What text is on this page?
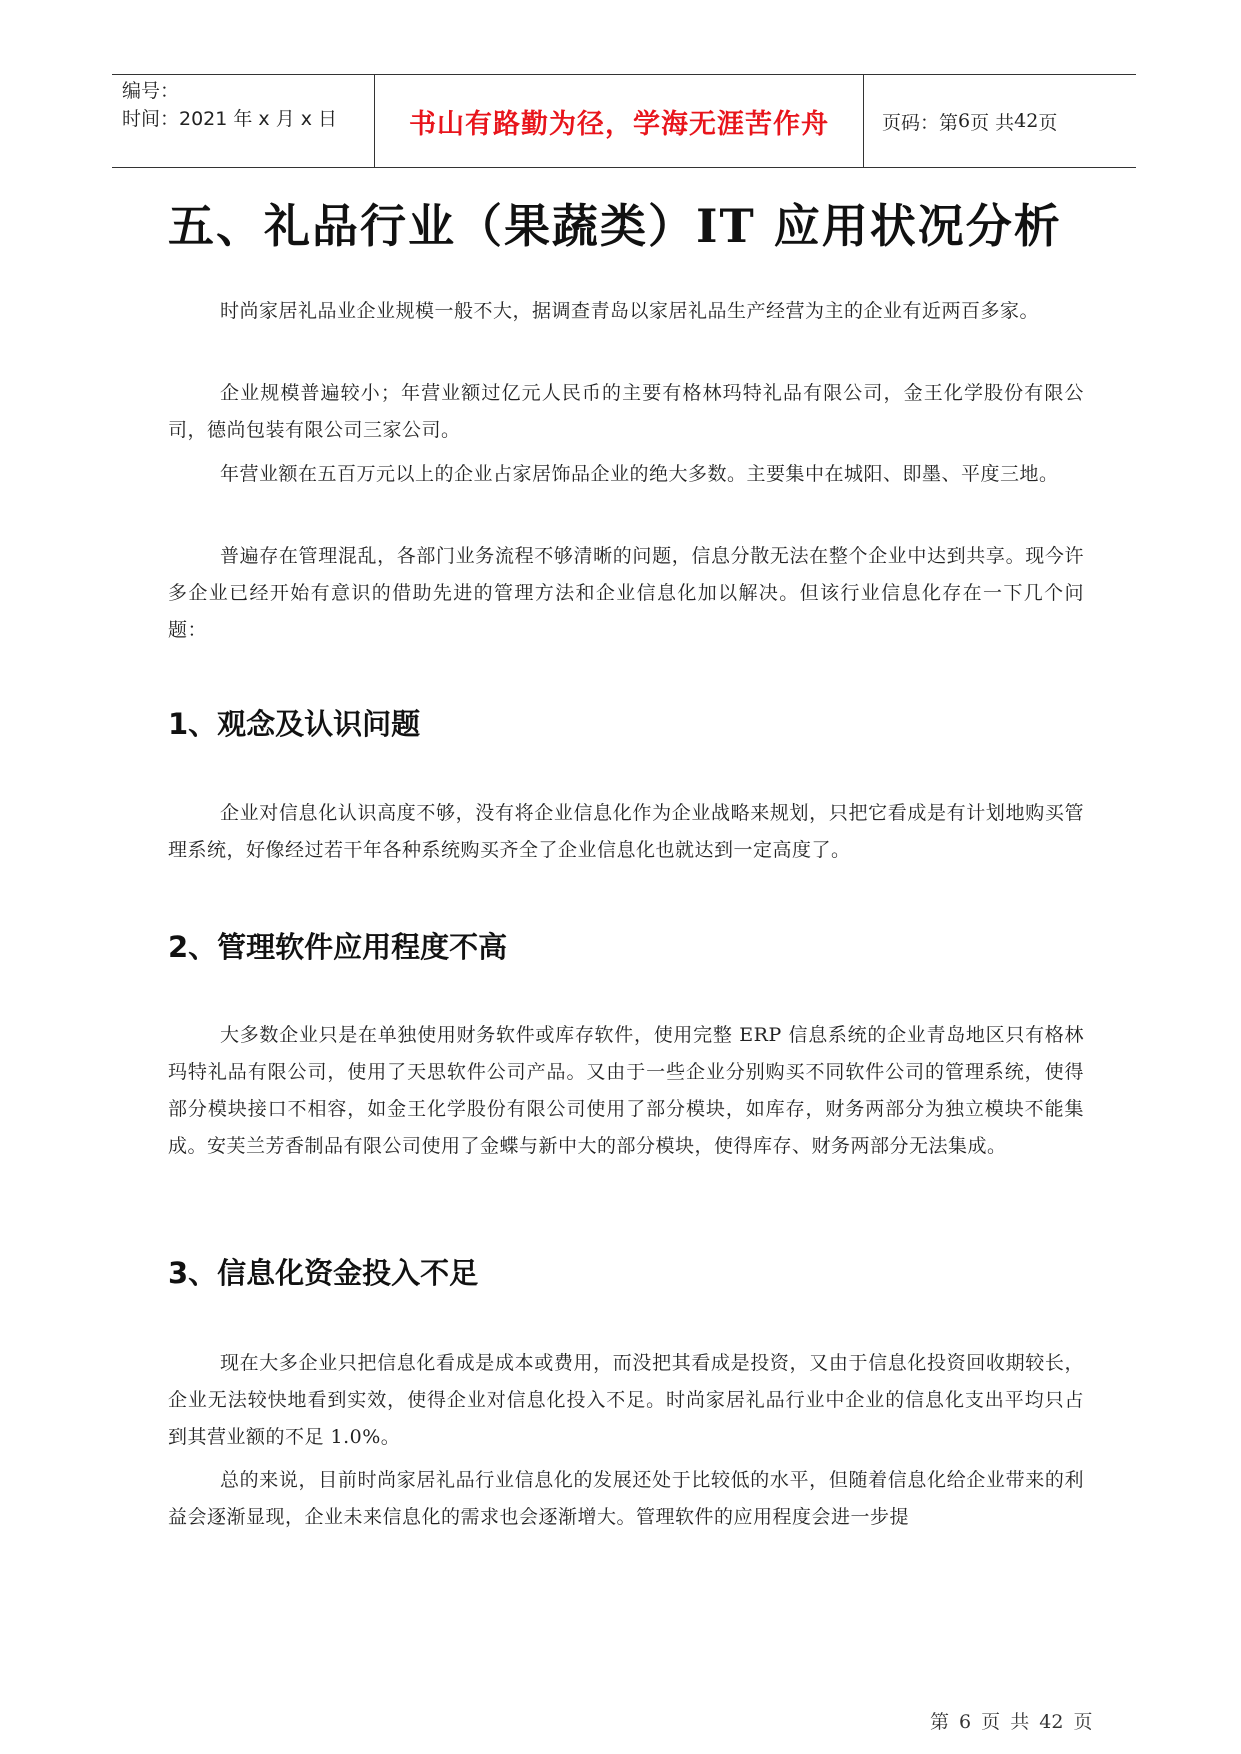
编号：
时间：2021 年 x 月 x 日	书山有路勤为径，学海无涯苦作舟	页码：第 6 页 共 42 页
五、礼品行业（果蔬类）IT 应用状况分析

时尚家居礼品业企业规模一般不大，据调查青岛以家居礼品生产经营为主的企业有近两百多家。

企业规模普遍较小；年营业额过亿元人民币的主要有格林玛特礼品有限公司，金王化学股份有限公司，德尚包装有限公司三家公司。

年营业额在五百万元以上的企业占家居饰品企业的绝大多数。主要集中在城阳、即墨、平度三地。

普遍存在管理混乱，各部门业务流程不够清晰的问题，信息分散无法在整个企业中达到共享。现今许多企业已经开始有意识的借助先进的管理方法和企业信息化加以解决。但该行业信息化存在一下几个问题：

1、观念及认识问题

企业对信息化认识高度不够，没有将企业信息化作为企业战略来规划，只把它看成是有计划地购买管理系统，好像经过若干年各种系统购买齐全了企业信息化也就达到一定高度了。

2、管理软件应用程度不高

大多数企业只是在单独使用财务软件或库存软件，使用完整 ERP 信息系统的企业青岛地区只有格林玛特礼品有限公司，使用了天思软件公司产品。又由于一些企业分别购买不同软件公司的管理系统，使得部分模块接口不相容，如金王化学股份有限公司使用了部分模块，如库存，财务两部分为独立模块不能集成。安芙兰芳香制品有限公司使用了金蝶与新中大的部分模块，使得库存、财务两部分无法集成。

3、信息化资金投入不足

现在大多企业只把信息化看成是成本或费用，而没把其看成是投资，又由于信息化投资回收期较长，企业无法较快地看到实效，使得企业对信息化投入不足。时尚家居礼品行业中企业的信息化支出平均只占到其营业额的不足 1.0%。

总的来说，目前时尚家居礼品行业信息化的发展还处于比较低的水平，但随着信息化给企业带来的利益会逐渐显现，企业未来信息化的需求也会逐渐增大。管理软件的应用程度会进一步提

第 6 页 共 42 页
